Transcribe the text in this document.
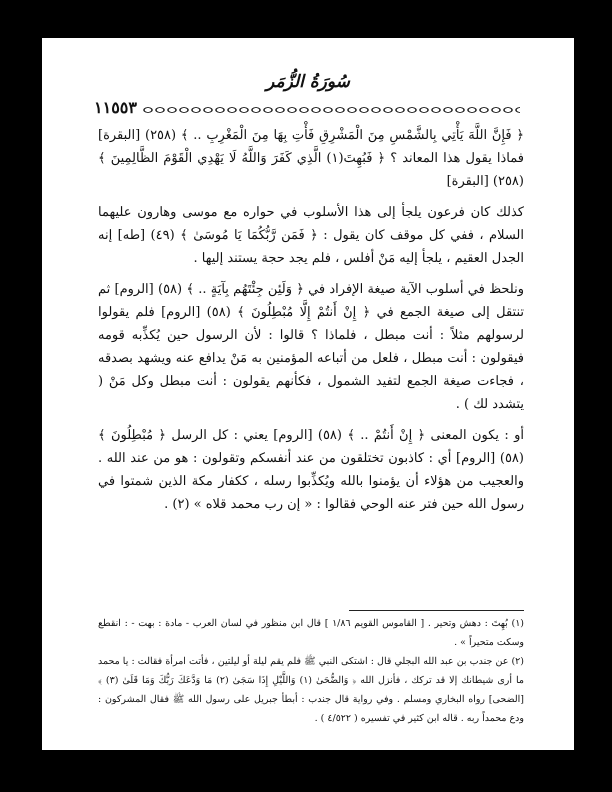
سُورَةُ الزُّمَر
١١٥٥٣

﴿ فَإِنَّ اللَّهَ يَأْتِي بِالشَّمْسِ مِنَ الْمَشْرِقِ فَأْتِ بِهَا مِنَ الْمَغْرِبِ .. ﴾ (٢٥٨) [البقرة] فماذا يقول هذا المعاند ؟ ﴿ فَبُهِتَ(١) الَّذِي كَفَرَ وَاللَّهُ لَا يَهْدِي الْقَوْمَ الظَّالِمِينَ ﴾ (٢٥٨) [البقرة]

كذلك كان فرعون يلجأ إلى هذا الأسلوب في حواره مع موسى وهارون عليهما السلام ، ففي كل موقف كان يقول : ﴿ فَمَن رَّبُّكُمَا يَا مُوسَىٰ ﴾ (٤٩) [طه] إنه الجدل العقيم ، يلجأ إليه مَنْ أفلس ، فلم يجد حجة يستند إليها .

ونلحظ في أسلوب الآية صيغة الإفراد في ﴿ وَلَئِن جِئْتَهُم بِآيَةٍ .. ﴾ (٥٨) [الروم] ثم تنتقل إلى صيغة الجمع في ﴿ إِنْ أَنتُمْ إِلَّا مُبْطِلُونَ ﴾ (٥٨) [الروم] فلم يقولوا لرسولهم مثلاً : أنت مبطل ، فلماذا ؟ قالوا : لأن الرسول حين يُكذِّبه قومه فيقولون : أنت مبطل ، فلعل من أتباعه المؤمنين به مَنْ يدافع عنه ويشهد بصدقه ، فجاءت صيغة الجمع لتفيد الشمول ، فكأنهم يقولون : أنت مبطل وكل مَنْ ( يتشدد لك ) .

أو : يكون المعنى ﴿ إِنْ أَنتُمْ .. ﴾ (٥٨) [الروم] يعني : كل الرسل ﴿ مُبْطِلُونَ ﴾ (٥٨) [الروم] أي : كاذبون تختلقون من عند أنفسكم وتقولون : هو من عند الله . والعجيب من هؤلاء أن يؤمنوا بالله ويُكذِّبوا رسله ، ككفار مكة الذين شمتوا في رسول الله حين فتر عنه الوحي فقالوا : « إن رب محمد قلاه » (٢) .

(١) بُهِتَ : دهش وتحير . [ القاموس القويم ١/٨٦ ] قال ابن منظور في لسان العرب - مادة : بهت - : انقطع وسكت متحيراً » .

(٢) عن جندب بن عبد الله البجلي قال : اشتكى النبي ﷺ فلم يقم ليلة أو ليلتين ، فأتت امرأة فقالت : يا محمد ما أرى شيطانك إلا قد تركك ، فأنزل الله ﴿ وَالضُّحَىٰ (١) وَاللَّيْلِ إِذَا سَجَىٰ (٢) مَا وَدَّعَكَ رَبُّكَ وَمَا قَلَىٰ (٣) ﴾ [الضحى] رواه البخاري ومسلم . وفي رواية قال جندب : أبطأ جبريل على رسول الله ﷺ فقال المشركون : ودع محمداً ربه . قاله ابن كثير في تفسيره ( ٤/٥٢٢ ) .
